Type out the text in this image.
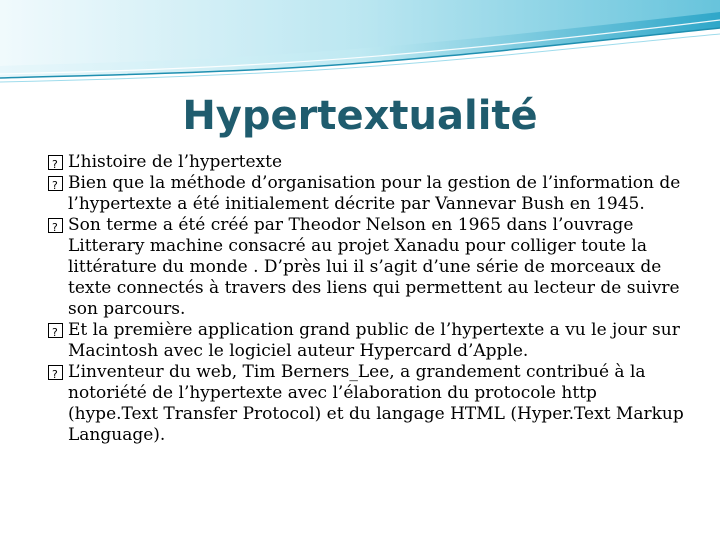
Hypertextualité
?
L’histoire de l’hypertexte
?
Bien que la méthode d’organisation pour la gestion de l’information de l’hypertexte a été initialement décrite par Vannevar Bush en 1945.
?
Son terme a été créé par Theodor Nelson en 1965 dans l’ouvrage Litterary machine consacré au projet Xanadu pour colliger toute la littérature du monde . D’près lui il s’agit d’une série de morceaux de texte connectés à travers des liens qui permettent au lecteur de suivre son parcours.
?
Et la première application grand public de l’hypertexte a vu le jour sur Macintosh avec le logiciel auteur Hypercard d’Apple.
?
L’inventeur du web, Tim Berners_Lee, a grandement contribué à la notoriété de l’hypertexte avec l’élaboration du protocole http (hype.Text Transfer Protocol) et du langage HTML (Hyper.Text Markup Language).
